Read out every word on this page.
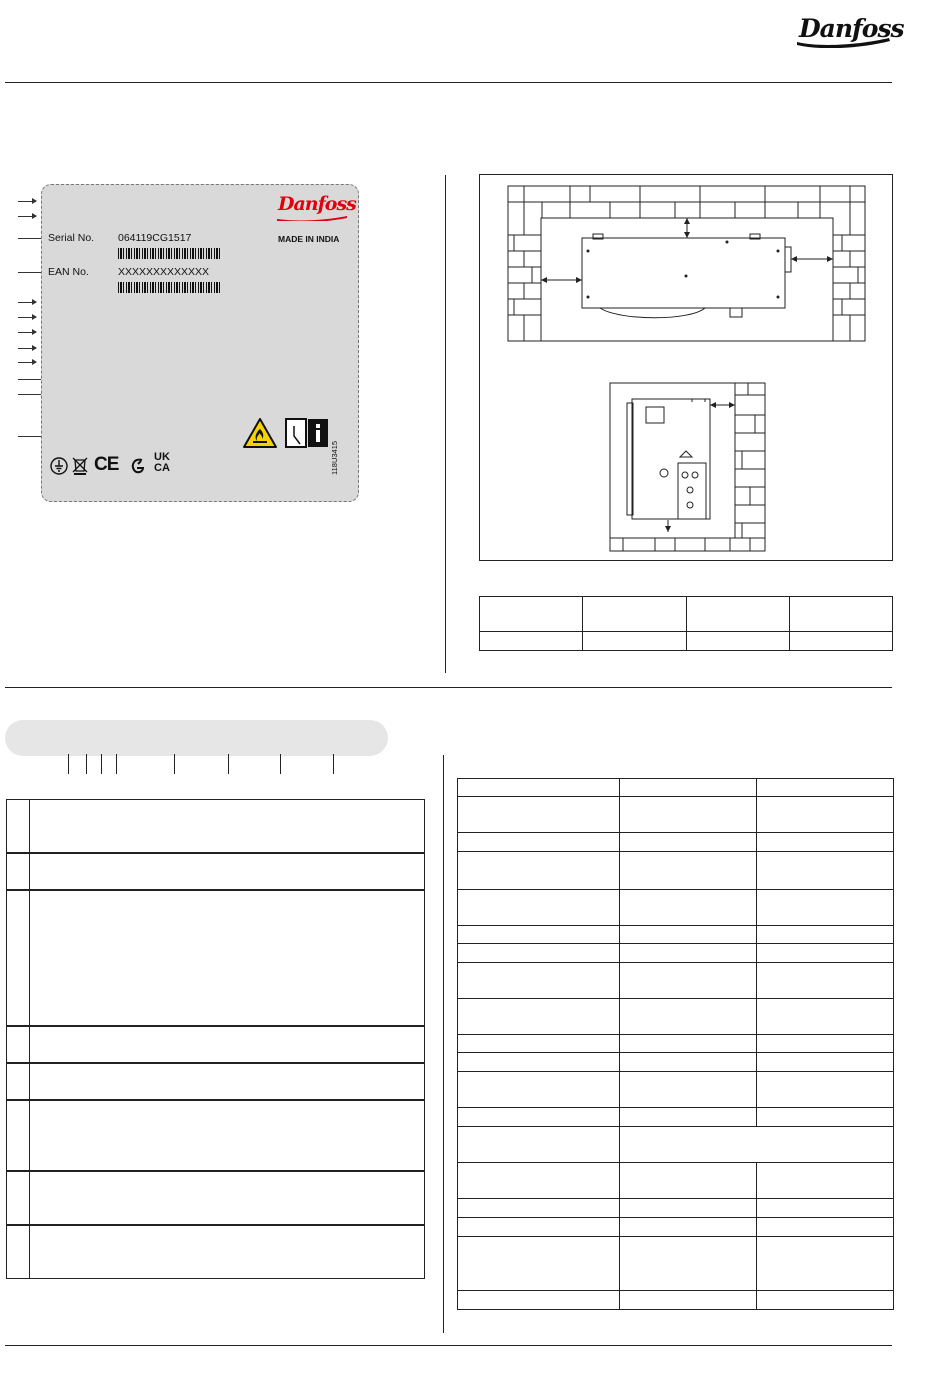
Danfoss
Danfoss
MADE IN INDIA
Serial No. 064119CG1517
EAN No.	XXXXXXXXXXXXX
CE	UK
CA	118U3415
